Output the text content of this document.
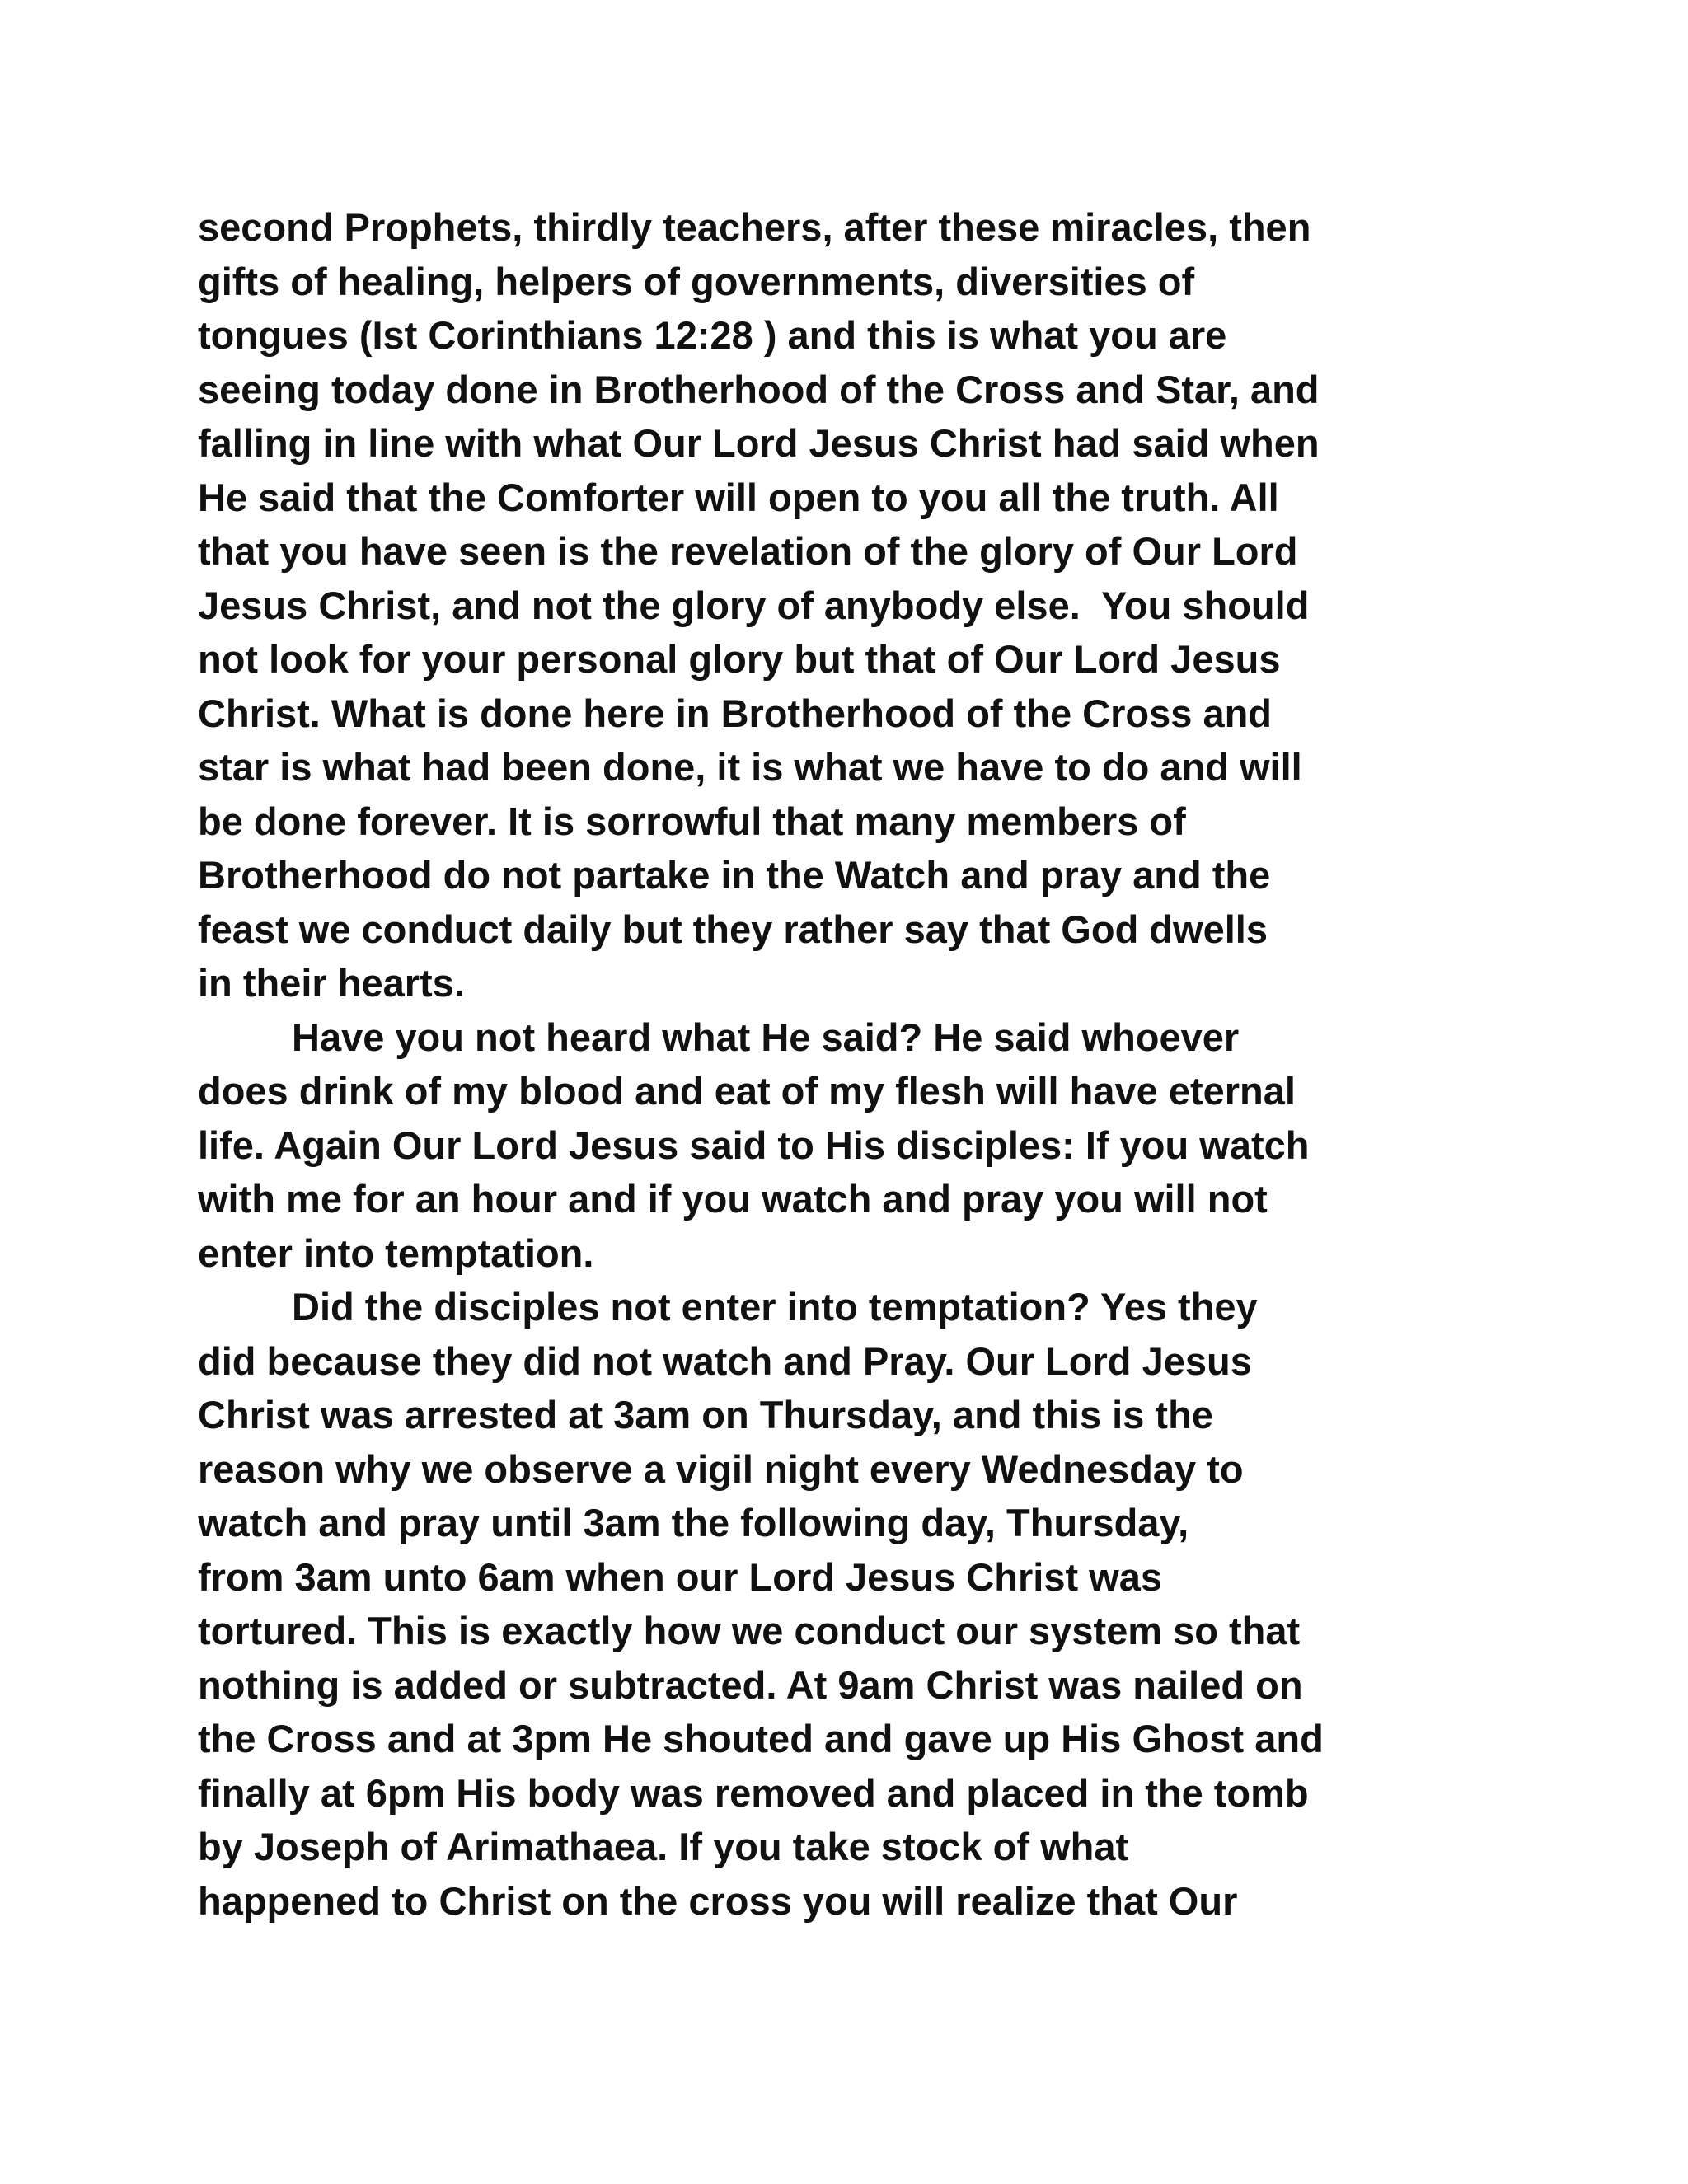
second Prophets, thirdly teachers, after these miracles, then
gifts of healing, helpers of governments, diversities of
tongues (Ist Corinthians 12:28 ) and this is what you are
seeing today done in Brotherhood of the Cross and Star, and
falling in line with what Our Lord Jesus Christ had said when
He said that the Comforter will open to you all the truth. All
that you have seen is the revelation of the glory of Our Lord
Jesus Christ, and not the glory of anybody else.  You should
not look for your personal glory but that of Our Lord Jesus
Christ. What is done here in Brotherhood of the Cross and
star is what had been done, it is what we have to do and will
be done forever. It is sorrowful that many members of
Brotherhood do not partake in the Watch and pray and the
feast we conduct daily but they rather say that God dwells
in their hearts.
Have you not heard what He said? He said whoever
does drink of my blood and eat of my flesh will have eternal
life. Again Our Lord Jesus said to His disciples: If you watch
with me for an hour and if you watch and pray you will not
enter into temptation.
Did the disciples not enter into temptation? Yes they
did because they did not watch and Pray. Our Lord Jesus
Christ was arrested at 3am on Thursday, and this is the
reason why we observe a vigil night every Wednesday to
watch and pray until 3am the following day, Thursday,
from 3am unto 6am when our Lord Jesus Christ was
tortured. This is exactly how we conduct our system so that
nothing is added or subtracted. At 9am Christ was nailed on
the Cross and at 3pm He shouted and gave up His Ghost and
finally at 6pm His body was removed and placed in the tomb
by Joseph of Arimathaea. If you take stock of what
happened to Christ on the cross you will realize that Our
